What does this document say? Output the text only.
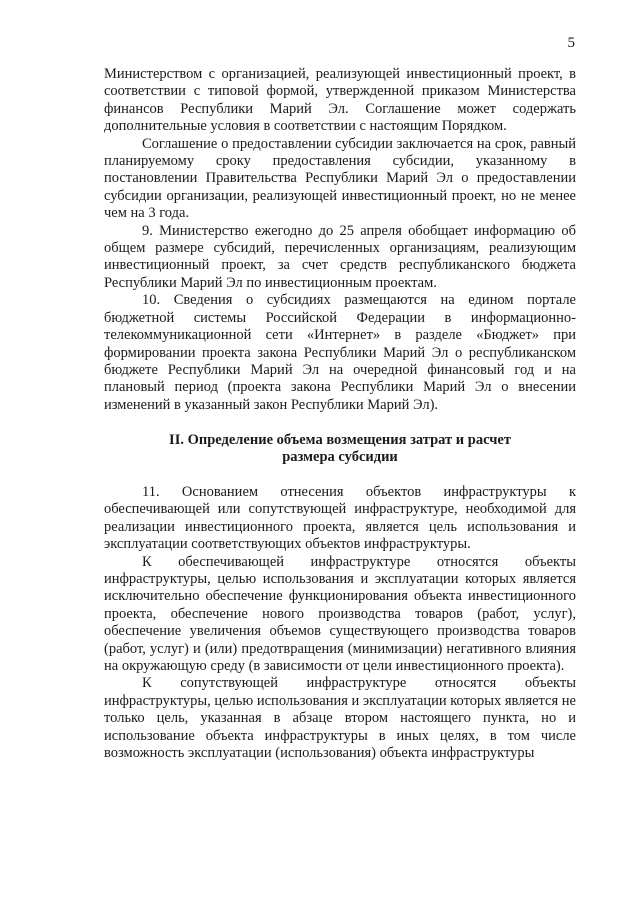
5

Министерством с организацией, реализующей инвестиционный проект, в соответствии с типовой формой, утвержденной приказом Министерства финансов Республики Марий Эл. Соглашение может содержать дополнительные условия в соответствии с настоящим Порядком.

Соглашение о предоставлении субсидии заключается на срок, равный планируемому сроку предоставления субсидии, указанному в постановлении Правительства Республики Марий Эл о предоставлении субсидии организации, реализующей инвестиционный проект, но не менее чем на 3 года.

9. Министерство ежегодно до 25 апреля обобщает информацию об общем размере субсидий, перечисленных организациям, реализующим инвестиционный проект, за счет средств республиканского бюджета Республики Марий Эл по инвестиционным проектам.

10. Сведения о субсидиях размещаются на едином портале бюджетной системы Российской Федерации в информационно-телекоммуникационной сети «Интернет» в разделе «Бюджет» при формировании проекта закона Республики Марий Эл о республиканском бюджете Республики Марий Эл на очередной финансовый год и на плановый период (проекта закона Республики Марий Эл о внесении изменений в указанный закон Республики Марий Эл).

II. Определение объема возмещения затрат и расчет
размера субсидии

11. Основанием отнесения объектов инфраструктуры к обеспечивающей или сопутствующей инфраструктуре, необходимой для реализации инвестиционного проекта, является цель использования и эксплуатации соответствующих объектов инфраструктуры.

К обеспечивающей инфраструктуре относятся объекты инфраструктуры, целью использования и эксплуатации которых является исключительно обеспечение функционирования объекта инвестиционного проекта, обеспечение нового производства товаров (работ, услуг), обеспечение увеличения объемов существующего производства товаров (работ, услуг) и (или) предотвращения (минимизации) негативного влияния на окружающую среду (в зависимости от цели инвестиционного проекта).

К сопутствующей инфраструктуре относятся объекты инфраструктуры, целью использования и эксплуатации которых является не только цель, указанная в абзаце втором настоящего пункта, но и использование объекта инфраструктуры в иных целях, в том числе возможность эксплуатации (использования) объекта инфраструктуры
